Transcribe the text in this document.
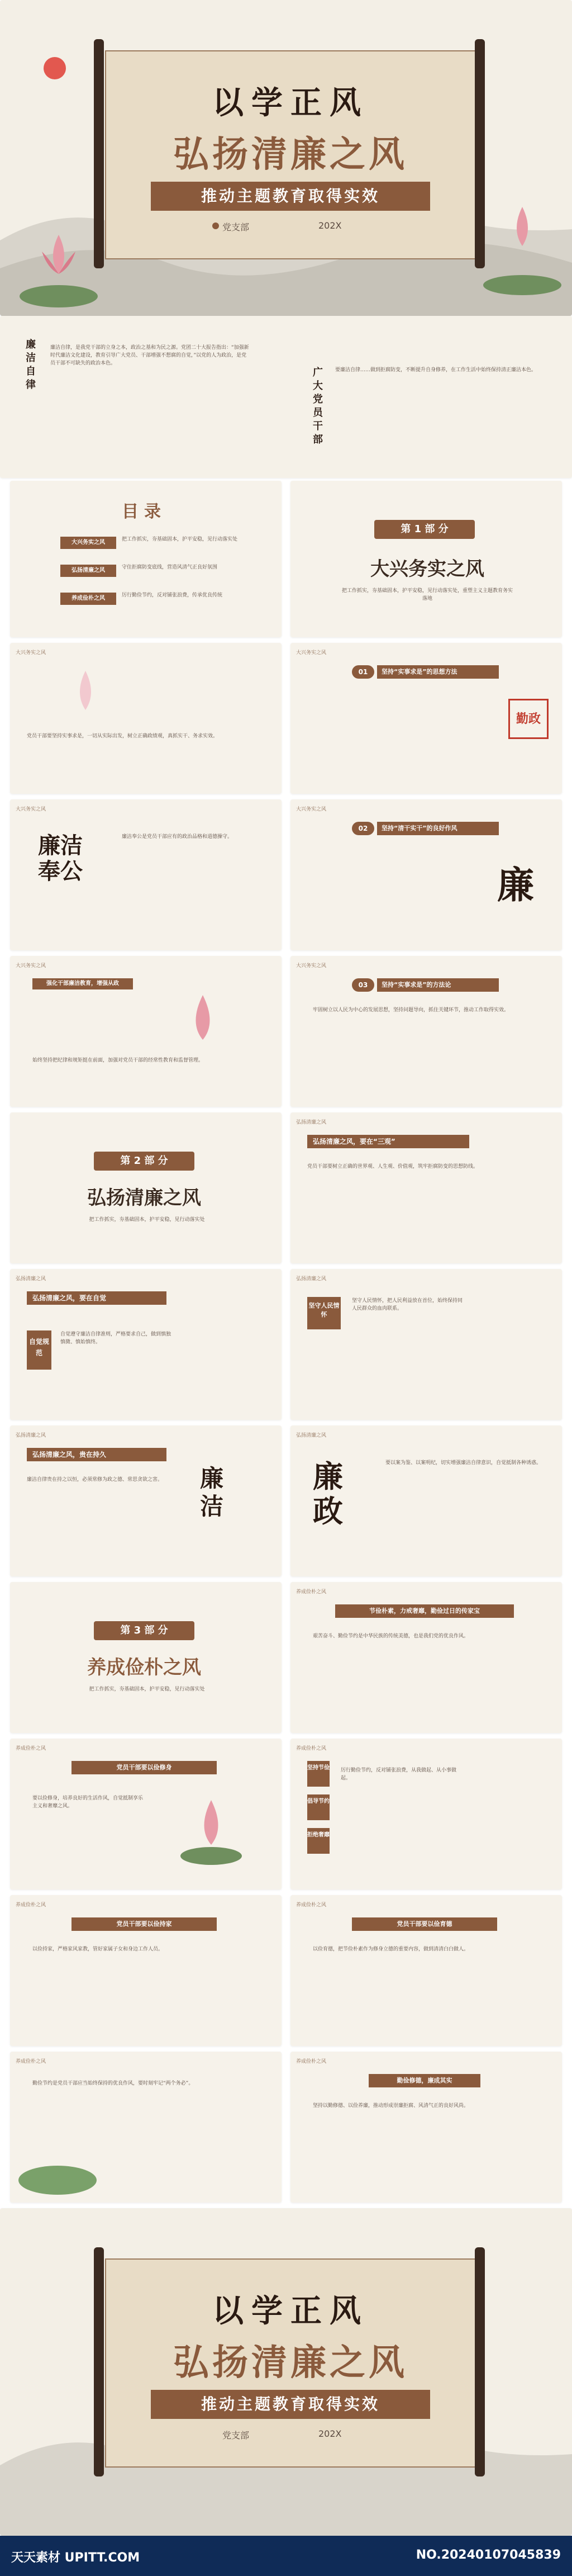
以学正风
弘扬清廉之风
推动主题教育取得实效
党支部	202X
廉洁自律
廉洁自律，是我党干部的立身之本，政治之基和为民之源。党团二十大报告指出：“加强新时代廉洁文化建设，教育引导广大党员、干部增强不想腐的自觉，”以党的人为政治，是党员干部不可缺失的政治本色。
广大党员干部
要廉洁自律……做到拒腐防变，不断提升自身修养，在工作生活中始终保持清正廉洁本色。
目录
大兴务实之风	把工作抓实，夯基础固本，护平安稳，见行动落实处
弘扬清廉之风	守住拒腐防变底线，营造风清气正良好氛围
养成俭朴之风	厉行勤俭节约，反对铺张浪费，传承优良传统
第 1 部 分
大兴务实之风
把工作抓实，夯基础固本，护平安稳，见行动落实处，重塑主义主题教育务实落地
大兴务实之风
党员干部要坚持实事求是，一切从实际出发，树立正确政绩观，真抓实干、务求实效。
大兴务实之风
01	坚持“实事求是”的思想方法
勤政
大兴务实之风
廉洁奉公
廉洁奉公是党员干部应有的政治品格和道德操守。
大兴务实之风
02	坚持“清干实干”的良好作风
廉
大兴务实之风
强化干部廉洁教育，增强从政
始终坚持把纪律和规矩挺在前面，加强对党员干部的经常性教育和监督管理。
大兴务实之风
03	坚持“实事求是”的方法论
牢固树立以人民为中心的发展思想，坚持问题导向，抓住关键环节，推动工作取得实效。
第 2 部 分
弘扬清廉之风
把工作抓实，夯基础固本，护平安稳，见行动落实处
弘扬清廉之风
弘扬清廉之风，要在“三观”
党员干部要树立正确的世界观、人生观、价值观，筑牢拒腐防变的思想防线。
弘扬清廉之风
弘扬清廉之风，要在自觉
自觉规范
自觉遵守廉洁自律准则，严格要求自己，做到慎独慎微、慎始慎终。
弘扬清廉之风
坚守人民情怀
坚守人民情怀，把人民利益放在首位，始终保持同人民群众的血肉联系。
弘扬清廉之风
弘扬清廉之风，贵在持久
廉洁自律贵在持之以恒，必须常修为政之德、常思贪欲之害。	廉洁
弘扬清廉之风
廉政
要以案为鉴、以案明纪，切实增强廉洁自律意识，自觉抵制各种诱惑。
第 3 部 分
养成俭朴之风
把工作抓实，夯基础固本，护平安稳，见行动落实处
养成俭朴之风
节俭朴素，力戒奢靡，勤俭过日的传家宝
艰苦奋斗、勤俭节约是中华民族的传统美德，也是我们党的优良作风。
养成俭朴之风
党员干部要以俭修身
要以俭修身，培养良好的生活作风，自觉抵制享乐主义和奢靡之风。
养成俭朴之风
坚持节俭
倡导节约
拒绝奢靡
厉行勤俭节约，反对铺张浪费，从我做起、从小事做起。
养成俭朴之风
党员干部要以俭持家
以俭持家，严格家风家教，管好家属子女和身边工作人员。
养成俭朴之风
党员干部要以俭育德
以俭育德，把节俭朴素作为修身立德的重要内容，做到清清白白做人。
养成俭朴之风
勤俭节约是党员干部应当始终保持的优良作风，要时刻牢记“两个务必”。
养成俭朴之风
勤俭修德，廉成其实
坚持以勤修德、以俭养廉，推动形成崇廉拒腐、风清气正的良好风尚。
以学正风
弘扬清廉之风
推动主题教育取得实效
党支部	202X
天天素材 UPITT.COM	NO.20240107045839
